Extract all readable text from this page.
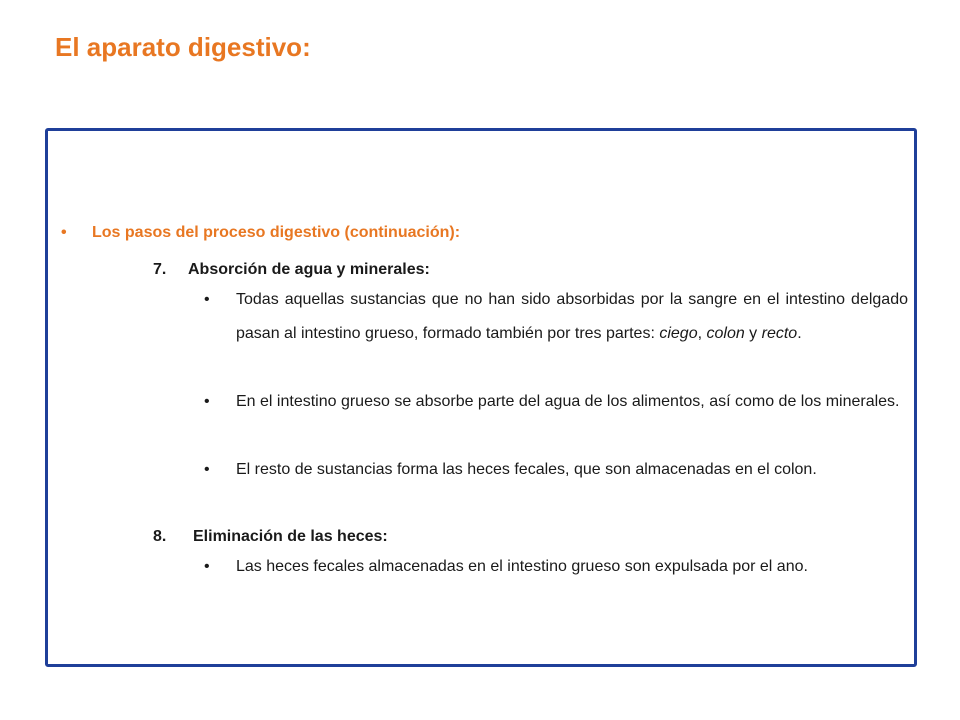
El aparato digestivo:
• Los pasos del proceso digestivo (continuación):
7. Absorción de agua y minerales:
• Todas aquellas sustancias que no han sido absorbidas por la sangre en el intestino delgado pasan al intestino grueso, formado también por tres partes: ciego, colon y recto.

• En el intestino grueso se absorbe parte del agua de los alimentos, así como de los minerales.

• El resto de sustancias forma las heces fecales, que son almacenadas en el colon.

8. Eliminación de las heces:
• Las heces fecales almacenadas en el intestino grueso son expulsada por el ano.
